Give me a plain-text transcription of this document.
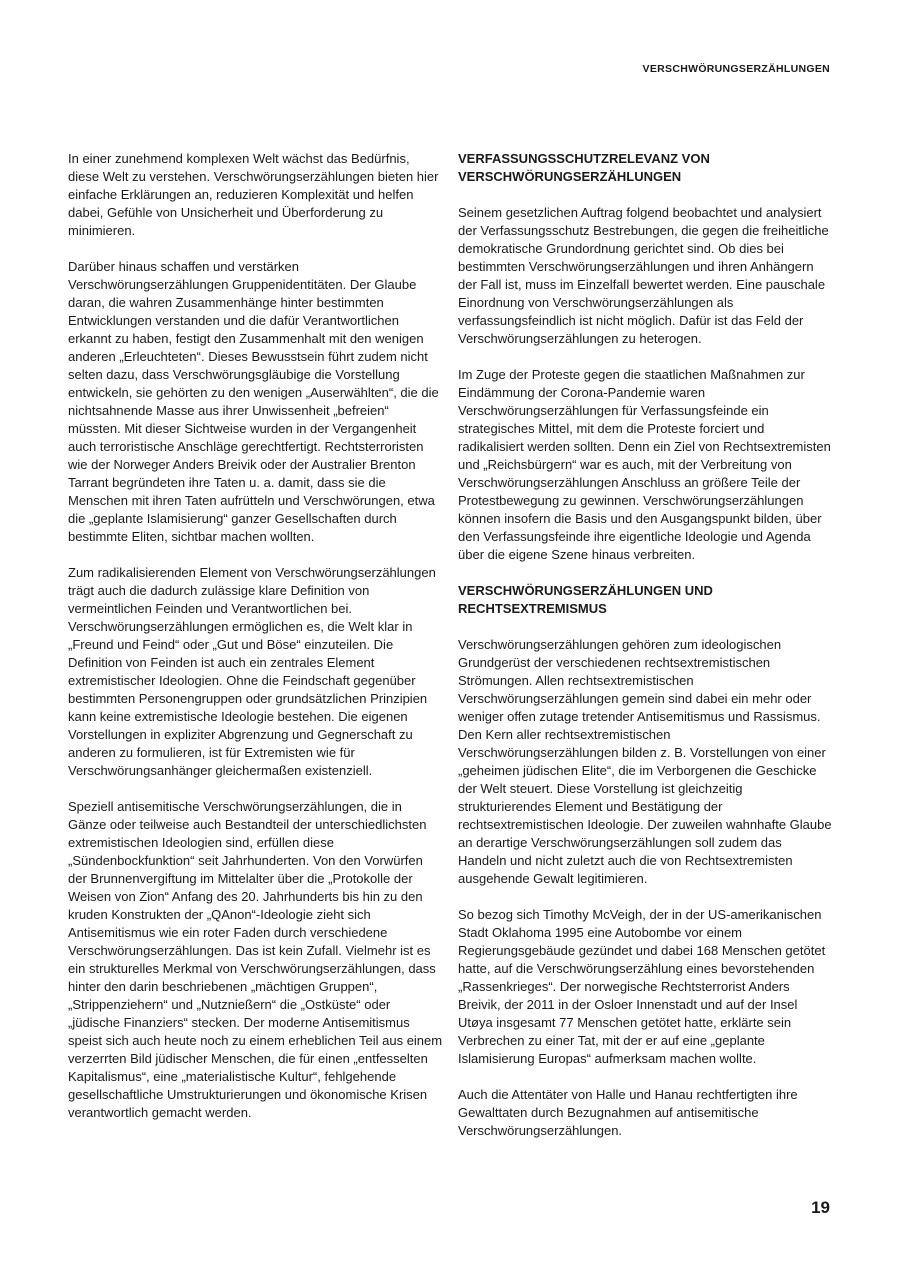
VERSCHWÖRUNGSERZÄHLUNGEN

In einer zunehmend komplexen Welt wächst das Bedürfnis, diese Welt zu verstehen. Verschwörungserzählungen bieten hier einfache Erklärungen an, reduzieren Komplexität und helfen dabei, Gefühle von Unsicherheit und Überforderung zu minimieren.

Darüber hinaus schaffen und verstärken Verschwörungserzählungen Gruppenidentitäten. Der Glaube daran, die wahren Zusammenhänge hinter bestimmten Entwicklungen verstanden und die dafür Verantwortlichen erkannt zu haben, festigt den Zusammenhalt mit den wenigen anderen „Erleuchteten“. Dieses Bewusstsein führt zudem nicht selten dazu, dass Verschwörungsgläubige die Vorstellung entwickeln, sie gehörten zu den wenigen „Auserwählten“, die die nichtsahnende Masse aus ihrer Unwissenheit „befreien“ müssten. Mit dieser Sichtweise wurden in der Vergangenheit auch terroristische Anschläge gerechtfertigt. Rechtsterroristen wie der Norweger Anders Breivik oder der Australier Brenton Tarrant begründeten ihre Taten u. a. damit, dass sie die Menschen mit ihren Taten aufrütteln und Verschwörungen, etwa die „geplante Islamisierung“ ganzer Gesellschaften durch bestimmte Eliten, sichtbar machen wollten.

Zum radikalisierenden Element von Verschwörungserzählungen trägt auch die dadurch zulässige klare Definition von vermeintlichen Feinden und Verantwortlichen bei. Verschwörungserzählungen ermöglichen es, die Welt klar in „Freund und Feind“ oder „Gut und Böse“ einzuteilen. Die Definition von Feinden ist auch ein zentrales Element extremistischer Ideologien. Ohne die Feindschaft gegenüber bestimmten Personengruppen oder grundsätzlichen Prinzipien kann keine extremistische Ideologie bestehen. Die eigenen Vorstellungen in expliziter Abgrenzung und Gegnerschaft zu anderen zu formulieren, ist für Extremisten wie für Verschwörungsanhänger gleichermaßen existenziell.

Speziell antisemitische Verschwörungserzählungen, die in Gänze oder teilweise auch Bestandteil der unterschiedlichsten extremistischen Ideologien sind, erfüllen diese „Sündenbockfunktion“ seit Jahrhunderten. Von den Vorwürfen der Brunnenvergiftung im Mittelalter über die „Protokolle der Weisen von Zion“ Anfang des 20. Jahrhunderts bis hin zu den kruden Konstrukten der „QAnon“-Ideologie zieht sich Antisemitismus wie ein roter Faden durch verschiedene Verschwörungserzählungen. Das ist kein Zufall. Vielmehr ist es ein strukturelles Merkmal von Verschwörungserzählungen, dass hinter den darin beschriebenen „mächtigen Gruppen“, „Strippenziehern“ und „Nutznießern“ die „Ostküste“ oder „jüdische Finanziers“ stecken. Der moderne Antisemitismus speist sich auch heute noch zu einem erheblichen Teil aus einem verzerrten Bild jüdischer Menschen, die für einen „entfesselten Kapitalismus“, eine „materialistische Kultur“, fehlgehende gesellschaftliche Umstrukturierungen und ökonomische Krisen verantwortlich gemacht werden.

VERFASSUNGSSCHUTZRELEVANZ VON VERSCHWÖRUNGSERZÄHLUNGEN

Seinem gesetzlichen Auftrag folgend beobachtet und analysiert der Verfassungsschutz Bestrebungen, die gegen die freiheitliche demokratische Grundordnung gerichtet sind. Ob dies bei bestimmten Verschwörungserzählungen und ihren Anhängern der Fall ist, muss im Einzelfall bewertet werden. Eine pauschale Einordnung von Verschwörungserzählungen als verfassungsfeindlich ist nicht möglich. Dafür ist das Feld der Verschwörungserzählungen zu heterogen.

Im Zuge der Proteste gegen die staatlichen Maßnahmen zur Eindämmung der Corona-Pandemie waren Verschwörungserzählungen für Verfassungsfeinde ein strategisches Mittel, mit dem die Proteste forciert und radikalisiert werden sollten. Denn ein Ziel von Rechtsextremisten und „Reichsbürgern“ war es auch, mit der Verbreitung von Verschwörungserzählungen Anschluss an größere Teile der Protestbewegung zu gewinnen. Verschwörungserzählungen können insofern die Basis und den Ausgangspunkt bilden, über den Verfassungsfeinde ihre eigentliche Ideologie und Agenda über die eigene Szene hinaus verbreiten.

VERSCHWÖRUNGSERZÄHLUNGEN UND RECHTSEXTREMISMUS

Verschwörungserzählungen gehören zum ideologischen Grundgerüst der verschiedenen rechtsextremistischen Strömungen. Allen rechtsextremistischen Verschwörungserzählungen gemein sind dabei ein mehr oder weniger offen zutage tretender Antisemitismus und Rassismus. Den Kern aller rechtsextremistischen Verschwörungserzählungen bilden z. B. Vorstellungen von einer „geheimen jüdischen Elite“, die im Verborgenen die Geschicke der Welt steuert. Diese Vorstellung ist gleichzeitig strukturierendes Element und Bestätigung der rechtsextremistischen Ideologie. Der zuweilen wahnhafte Glaube an derartige Verschwörungserzählungen soll zudem das Handeln und nicht zuletzt auch die von Rechtsextremisten ausgehende Gewalt legitimieren.

So bezog sich Timothy McVeigh, der in der US-amerikanischen Stadt Oklahoma 1995 eine Autobombe vor einem Regierungsgebäude gezündet und dabei 168 Menschen getötet hatte, auf die Verschwörungserzählung eines bevorstehenden „Rassenkrieges“. Der norwegische Rechtsterrorist Anders Breivik, der 2011 in der Osloer Innenstadt und auf der Insel Utøya insgesamt 77 Menschen getötet hatte, erklärte sein Verbrechen zu einer Tat, mit der er auf eine „geplante Islamisierung Europas“ aufmerksam machen wollte.

Auch die Attentäter von Halle und Hanau rechtfertigten ihre Gewalttaten durch Bezugnahmen auf antisemitische Verschwörungserzählungen.

19
